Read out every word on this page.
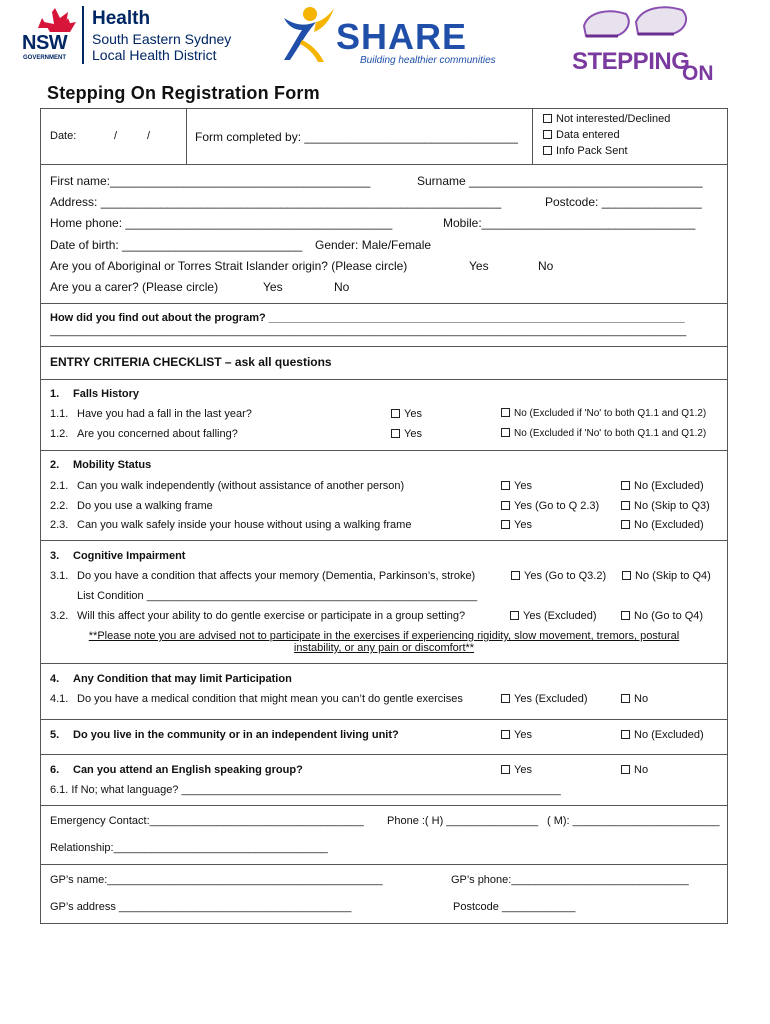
NSW
GOVERNMENT
Health
South Eastern Sydney
Local Health District	SHARE
Building healthier communities	STEPPING
ON
Stepping On Registration Form
Date:	/	/	Form completed by: ________________________________
Not interested/Declined
Data entered
Info Pack Sent
First name:_______________________________________	Surname ___________________________________
Address: ____________________________________________________________	Postcode: _______________
Home phone: ________________________________________	Mobile:________________________________
Date of birth: ___________________________ Gender: Male/Female
Are you of Aboriginal or Torres Strait Islander origin? (Please circle)	Yes	No
Are you a carer? (Please circle)	Yes	No
How did you find out about the program? ____________________________________________________________________
________________________________________________________________________________________________________
ENTRY CRITERIA CHECKLIST – ask all questions
1. Falls History
1.1. Have you had a fall in the last year?	Yes	No (Excluded if 'No' to both Q1.1 and Q1.2)
1.2. Are you concerned about falling?	Yes	No (Excluded if 'No' to both Q1.1 and Q1.2)
2. Mobility Status
2.1. Can you walk independently (without assistance of another person)	Yes	No (Excluded)
2.2. Do you use a walking frame	Yes (Go to Q 2.3)	No (Skip to Q3)
2.3. Can you walk safely inside your house without using a walking frame	Yes	No (Excluded)
3. Cognitive Impairment
3.1. Do you have a condition that affects your memory (Dementia, Parkinson’s, stroke)	Yes (Go to Q3.2)	No (Skip to Q4)
List Condition ______________________________________________________
3.2. Will this affect your ability to do gentle exercise or participate in a group setting?	Yes (Excluded)	No (Go to Q4)
**Please note you are advised not to participate in the exercises if experiencing rigidity, slow movement, tremors, postural
instability, or any pain or discomfort**
4. Any Condition that may limit Participation
4.1. Do you have a medical condition that might mean you can’t do gentle exercises	Yes (Excluded)	No
5. Do you live in the community or in an independent living unit?	Yes	No (Excluded)
6. Can you attend an English speaking group?	Yes	No
6.1. If No; what language? ______________________________________________________________
Emergency Contact:___________________________________ Phone :( H) _______________ ( M): ________________________
Relationship:___________________________________
GP’s name:_____________________________________________	GP’s phone:_____________________________
GP’s address ______________________________________	Postcode ____________
